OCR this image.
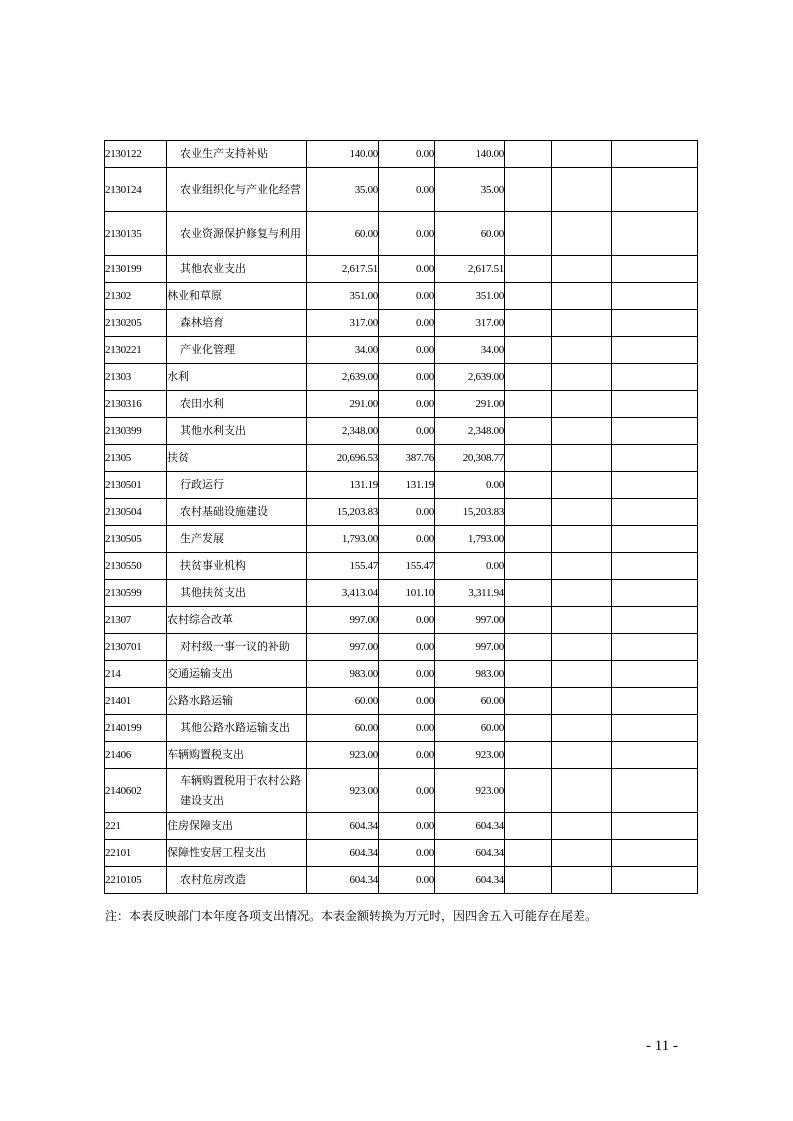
2130122	农业生产支持补贴	140.00	0.00	140.00			
2130124	农业组织化与产业化经营	35.00	0.00	35.00			
2130135	农业资源保护修复与利用	60.00	0.00	60.00			
2130199	其他农业支出	2,617.51	0.00	2,617.51			
21302	林业和草原	351.00	0.00	351.00			
2130205	森林培育	317.00	0.00	317.00			
2130221	产业化管理	34.00	0.00	34.00			
21303	水利	2,639.00	0.00	2,639.00			
2130316	农田水利	291.00	0.00	291.00			
2130399	其他水利支出	2,348.00	0.00	2,348.00			
21305	扶贫	20,696.53	387.76	20,308.77			
2130501	行政运行	131.19	131.19	0.00			
2130504	农村基础设施建设	15,203.83	0.00	15,203.83			
2130505	生产发展	1,793.00	0.00	1,793.00			
2130550	扶贫事业机构	155.47	155.47	0.00			
2130599	其他扶贫支出	3,413.04	101.10	3,311.94			
21307	农村综合改革	997.00	0.00	997.00			
2130701	对村级一事一议的补助	997.00	0.00	997.00			
214	交通运输支出	983.00	0.00	983.00			
21401	公路水路运输	60.00	0.00	60.00			
2140199	其他公路水路运输支出	60.00	0.00	60.00			
21406	车辆购置税支出	923.00	0.00	923.00			
2140602	车辆购置税用于农村公路建设支出	923.00	0.00	923.00			
221	住房保障支出	604.34	0.00	604.34			
22101	保障性安居工程支出	604.34	0.00	604.34			
2210105	农村危房改造	604.34	0.00	604.34			
注：本表反映部门本年度各项支出情况。本表金额转换为万元时，因四舍五入可能存在尾差。
- 11 -
